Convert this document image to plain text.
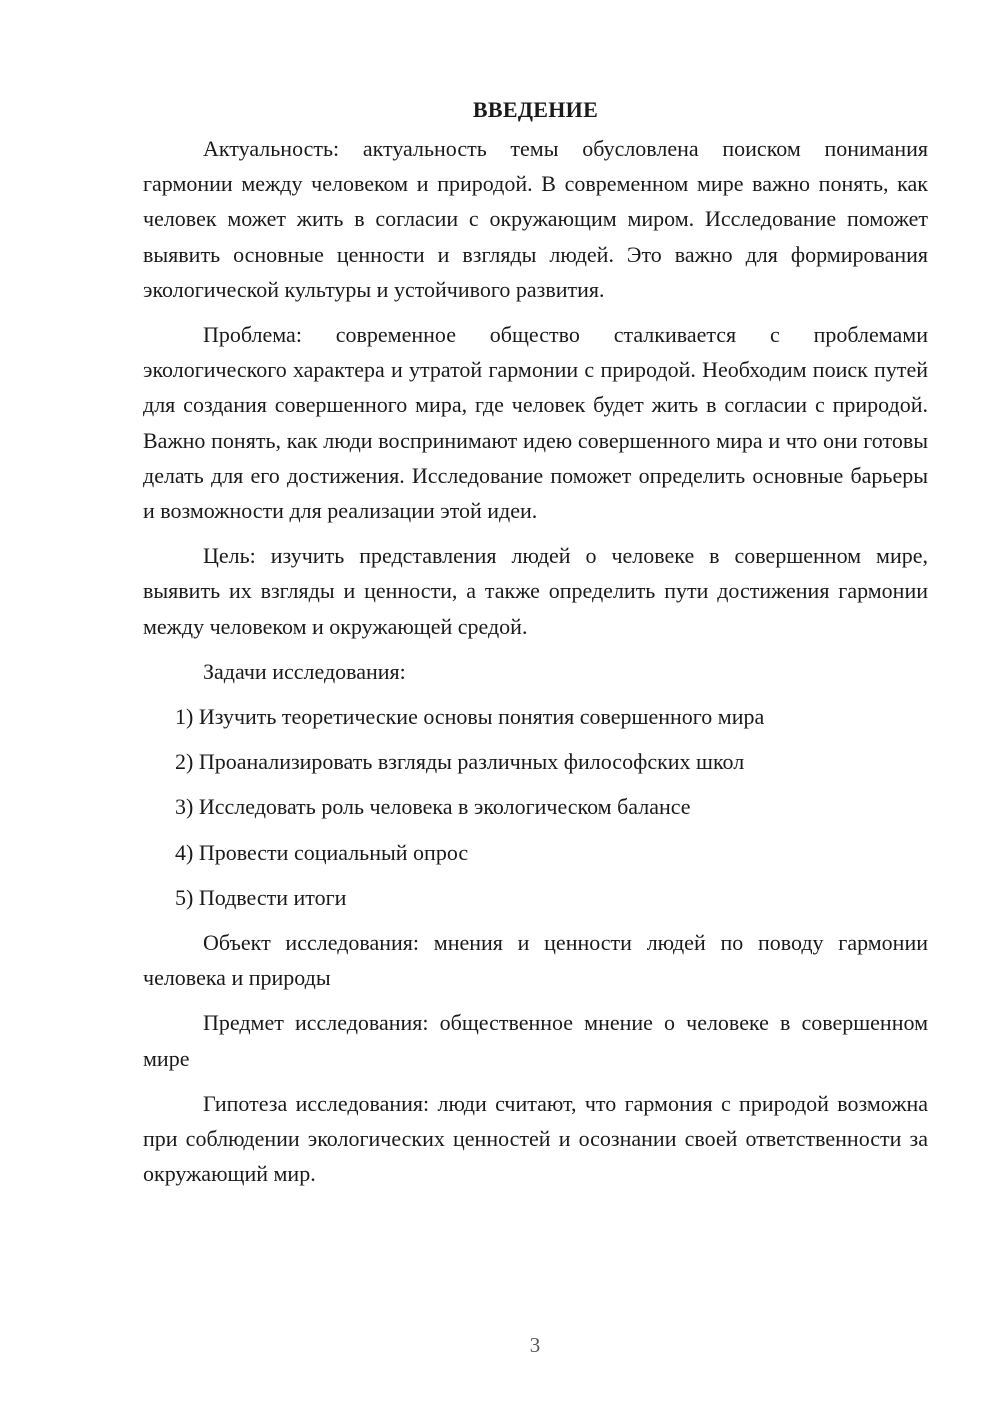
ВВЕДЕНИЕ

Актуальность: актуальность темы обусловлена поиском понимания гармонии между человеком и природой. В современном мире важно понять, как человек может жить в согласии с окружающим миром. Исследование поможет выявить основные ценности и взгляды людей. Это важно для формирования экологической культуры и устойчивого развития.

Проблема: современное общество сталкивается с проблемами экологического характера и утратой гармонии с природой. Необходим поиск путей для создания совершенного мира, где человек будет жить в согласии с природой. Важно понять, как люди воспринимают идею совершенного мира и что они готовы делать для его достижения. Исследование поможет определить основные барьеры и возможности для реализации этой идеи.

Цель: изучить представления людей о человеке в совершенном мире, выявить их взгляды и ценности, а также определить пути достижения гармонии между человеком и окружающей средой.

Задачи исследования:

1) Изучить теоретические основы понятия совершенного мира

2) Проанализировать взгляды различных философских школ

3) Исследовать роль человека в экологическом балансе

4) Провести социальный опрос

5) Подвести итоги

Объект исследования: мнения и ценности людей по поводу гармонии человека и природы

Предмет исследования: общественное мнение о человеке в совершенном мире

Гипотеза исследования: люди считают, что гармония с природой возможна при соблюдении экологических ценностей и осознании своей ответственности за окружающий мир.

3
